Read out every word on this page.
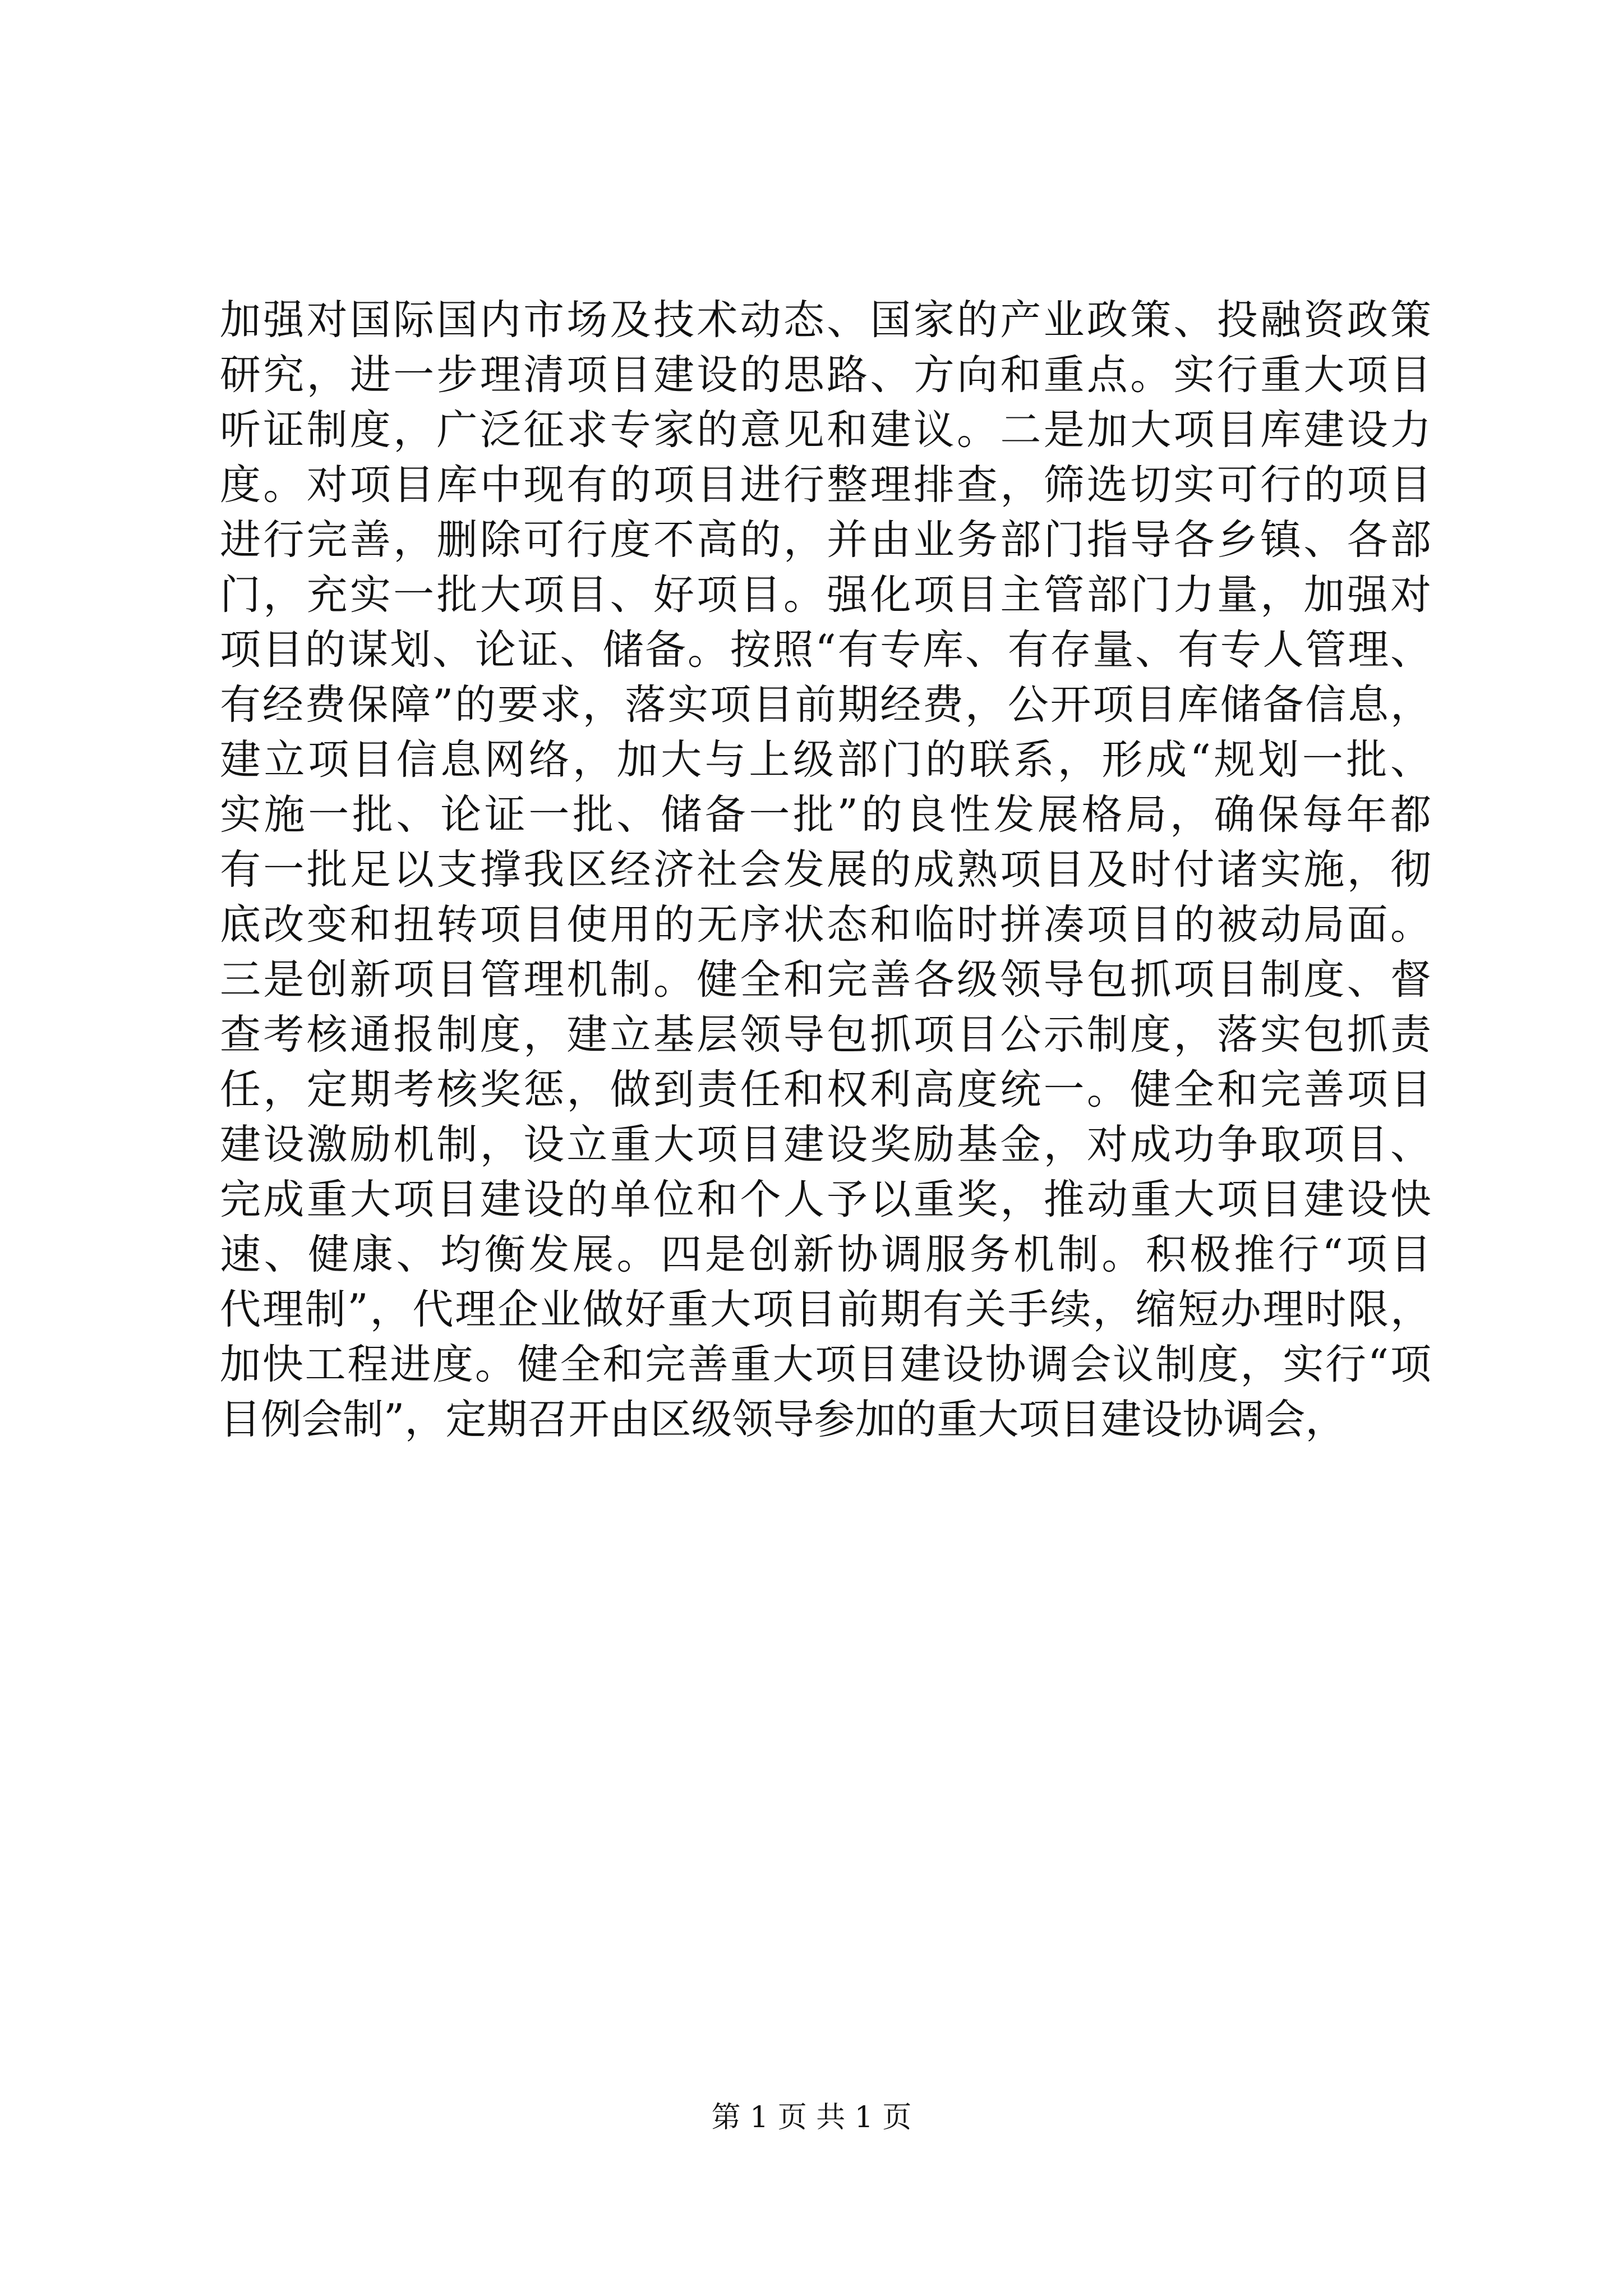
加强对国际国内市场及技术动态、国家的产业政策、投融资政策
研究，进一步理清项目建设的思路、方向和重点。实行重大项目
听证制度，广泛征求专家的意见和建议。二是加大项目库建设力
度。对项目库中现有的项目进行整理排查，筛选切实可行的项目
进行完善，删除可行度不高的，并由业务部门指导各乡镇、各部
门，充实一批大项目、好项目。强化项目主管部门力量，加强对
项目的谋划、论证、储备。按照“有专库、有存量、有专人管理、
有经费保障”的要求，落实项目前期经费，公开项目库储备信息，
建立项目信息网络，加大与上级部门的联系，形成“规划一批、
实施一批、论证一批、储备一批”的良性发展格局，确保每年都
有一批足以支撑我区经济社会发展的成熟项目及时付诸实施，彻
底改变和扭转项目使用的无序状态和临时拼凑项目的被动局面。
三是创新项目管理机制。健全和完善各级领导包抓项目制度、督
查考核通报制度，建立基层领导包抓项目公示制度，落实包抓责
任，定期考核奖惩，做到责任和权利高度统一。健全和完善项目
建设激励机制，设立重大项目建设奖励基金，对成功争取项目、
完成重大项目建设的单位和个人予以重奖，推动重大项目建设快
速、健康、均衡发展。四是创新协调服务机制。积极推行“项目
代理制”，代理企业做好重大项目前期有关手续，缩短办理时限，
加快工程进度。健全和完善重大项目建设协调会议制度，实行“项
目例会制”，定期召开由区级领导参加的重大项目建设协调会，
第 1 页 共 1 页
